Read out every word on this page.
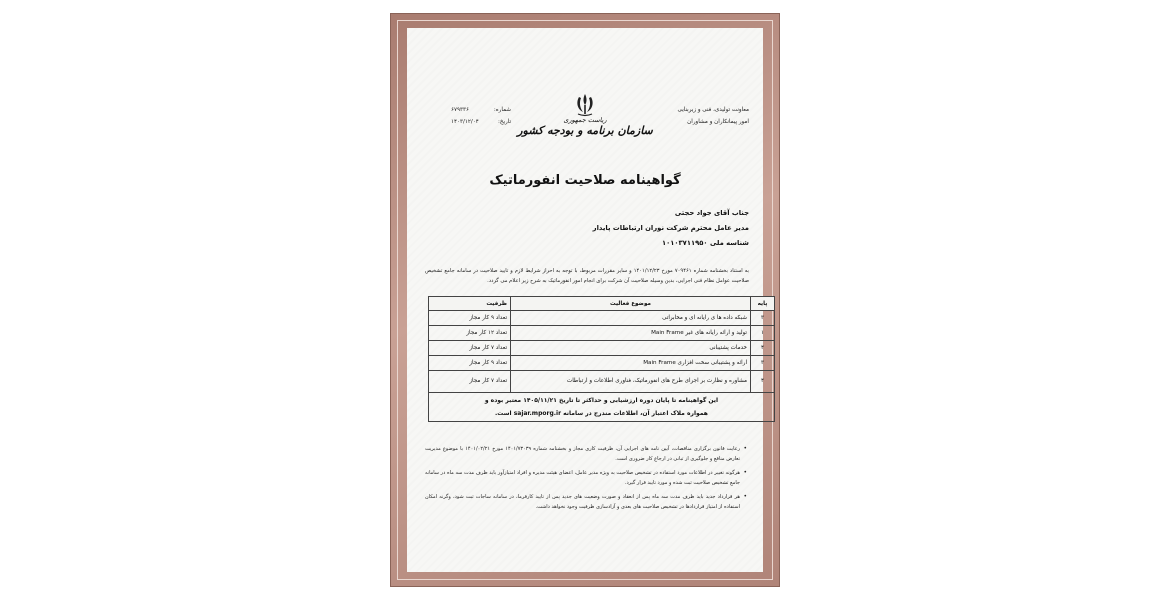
معاونت تولیدی، فنی و زیربنایی
امور پیمانکاران و مشاوران
شماره:
۶۷۹۳۳۶
تاریخ:
۱۴۰۳/۱۲/۰۴	ریاست جمهوری
سازمان برنامه و بودجه کشور
گواهینامه صلاحیت انفورماتیک
جناب آقای جواد حجتی
مدیر عامل محترم شرکت نوران ارتباطات پایدار
شناسه ملی ۱۰۱۰۳۷۱۱۹۵۰
به استناد بخشنامه شماره ۷۰۹۴۶۱ مورخ ۱۴۰۱/۱۲/۲۳ و سایر مقررات مربوط، با توجه به احراز شرایط لازم و تایید صلاحیت در سامانه جامع تشخیص صلاحیت عوامل نظام فنی اجرایی، بدین وسیله صلاحیت آن شرکت برای انجام امور انفورماتیک به شرح زیر اعلام می گردد.
پایه	موضوع فعالیت	ظرفیت
۳	شبکه داده ها ی رایانه ای و مخابراتی	تعداد ۹ کار مجاز
۱	تولید و ارائه رایانه های غیر Main Frame	تعداد ۱۲ کار مجاز
۴	خدمات پشتیبانی	تعداد ۷ کار مجاز
۳	ارائه و پشتیبانی سخت افزاری Main Frame	تعداد ۹ کار مجاز
۴	مشاوره و نظارت بر اجرای طرح های انفورماتیک، فناوری اطلاعات و ارتباطات	تعداد ۷ کار مجاز

این گواهینامه تا پایان دوره ارزشیابی و حداکثر تا تاریخ ۱۴۰۵/۱۱/۲۱ معتبر بوده و
همواره ملاک اعتبار آن، اطلاعات مندرج در سامانه sajar.mporg.ir است.		
• رعایت قانون برگزاری مناقصات، آیین نامه های اجرایی آن، ظرفیت کاری مجاز و بخشنامه شماره ۱۴۰۱/۷۳۰۳۹ مورخ ۱۴۰۱/۰۲/۲۱ با موضوع مدیریت تعارض منافع و جلوگیری از تبانی در ارجاع کار ضروری است.
• هرگونه تغییر در اطلاعات مورد استفاده در تشخیص صلاحیت به ویژه مدیر عامل، اعضای هیئت مدیره و افراد امتیازآور باید ظرف مدت سه ماه در سامانه جامع تشخیص صلاحیت ثبت شده و مورد تایید قرار گیرد.
• هر قرارداد جدید باید ظرف مدت سه ماه پس از انعقاد و صورت وضعیت های جدید پس از تایید کارفرما، در سامانه ساجات ثبت شود، وگرنه امکان استفاده از امتیاز قراردادها در تشخیص صلاحیت های بعدی و آزادسازی ظرفیت وجود نخواهد داشت.
